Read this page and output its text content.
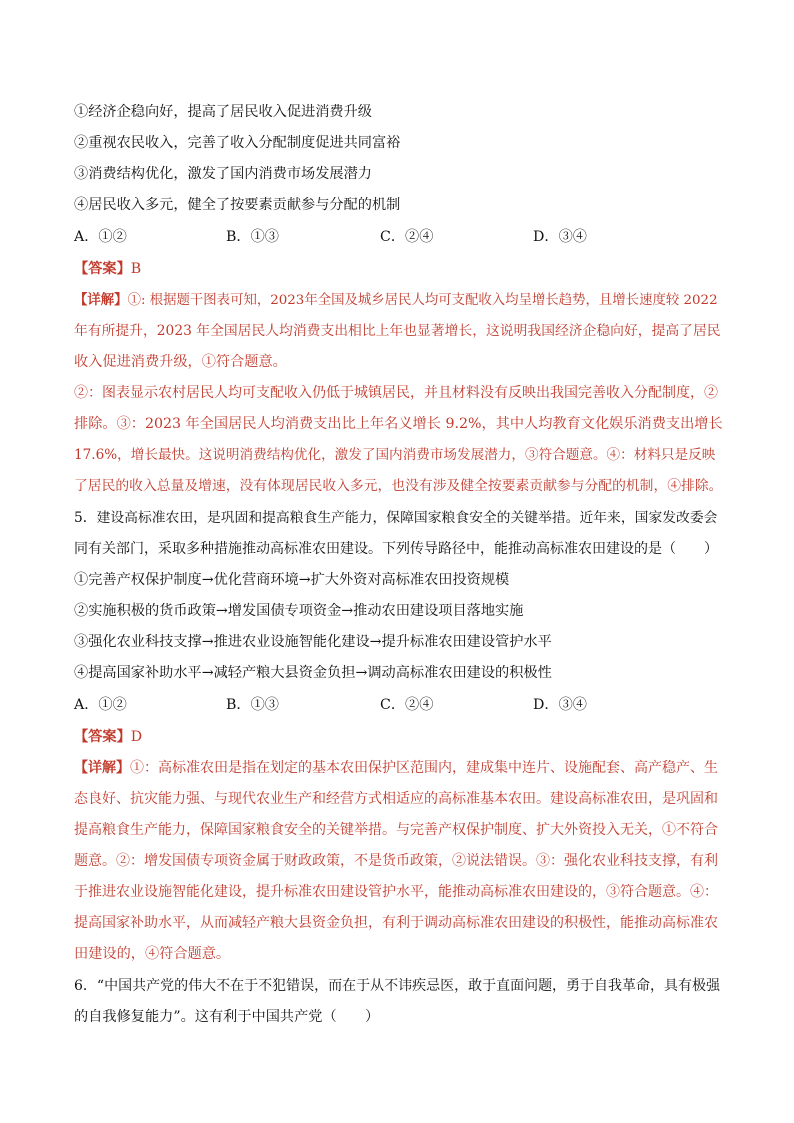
①经济企稳向好，提高了居民收入促进消费升级
②重视农民收入，完善了收入分配制度促进共同富裕
③消费结构优化，激发了国内消费市场发展潜力
④居民收入多元，健全了按要素贡献参与分配的机制
A．①②	B．①③	C．②④	D．③④
【答案】B
【详解】①: 根据题干图表可知，2023年全国及城乡居民人均可支配收入均呈增长趋势，且增长速度较 2022
年有所提升，2023 年全国居民人均消费支出相比上年也显著增长，这说明我国经济企稳向好，提高了居民
收入促进消费升级，①符合题意。
②：图表显示农村居民人均可支配收入仍低于城镇居民，并且材料没有反映出我国完善收入分配制度，②
排除。③：2023 年全国居民人均消费支出比上年名义增长 9.2%，其中人均教育文化娱乐消费支出增长
17.6%，增长最快。这说明消费结构优化，激发了国内消费市场发展潜力，③符合题意。④：材料只是反映
了居民的收入总量及增速，没有体现居民收入多元，也没有涉及健全按要素贡献参与分配的机制，④排除。
5．建设高标准农田，是巩固和提高粮食生产能力，保障国家粮食安全的关键举措。近年来，国家发改委会
同有关部门，采取多种措施推动高标准农田建设。下列传导路径中，能推动高标准农田建设的是（　　）
①完善产权保护制度→优化营商环境→扩大外资对高标准农田投资规模
②实施积极的货币政策→增发国债专项资金→推动农田建设项目落地实施
③强化农业科技支撑→推进农业设施智能化建设→提升标准农田建设管护水平
④提高国家补助水平→减轻产粮大县资金负担→调动高标准农田建设的积极性
A．①②	B．①③	C．②④	D．③④
【答案】D
【详解】①：高标准农田是指在划定的基本农田保护区范围内，建成集中连片、设施配套、高产稳产、生
态良好、抗灾能力强、与现代农业生产和经营方式相适应的高标准基本农田。建设高标准农田，是巩固和
提高粮食生产能力，保障国家粮食安全的关键举措。与完善产权保护制度、扩大外资投入无关，①不符合
题意。②：增发国债专项资金属于财政政策，不是货币政策，②说法错误。③：强化农业科技支撑，有利
于推进农业设施智能化建设，提升标准农田建设管护水平，能推动高标准农田建设的，③符合题意。④：
提高国家补助水平，从而减轻产粮大县资金负担，有利于调动高标准农田建设的积极性，能推动高标准农
田建设的，④符合题意。
6．“中国共产党的伟大不在于不犯错误，而在于从不讳疾忌医，敢于直面问题，勇于自我革命，具有极强
的自我修复能力”。这有利于中国共产党（　　）
